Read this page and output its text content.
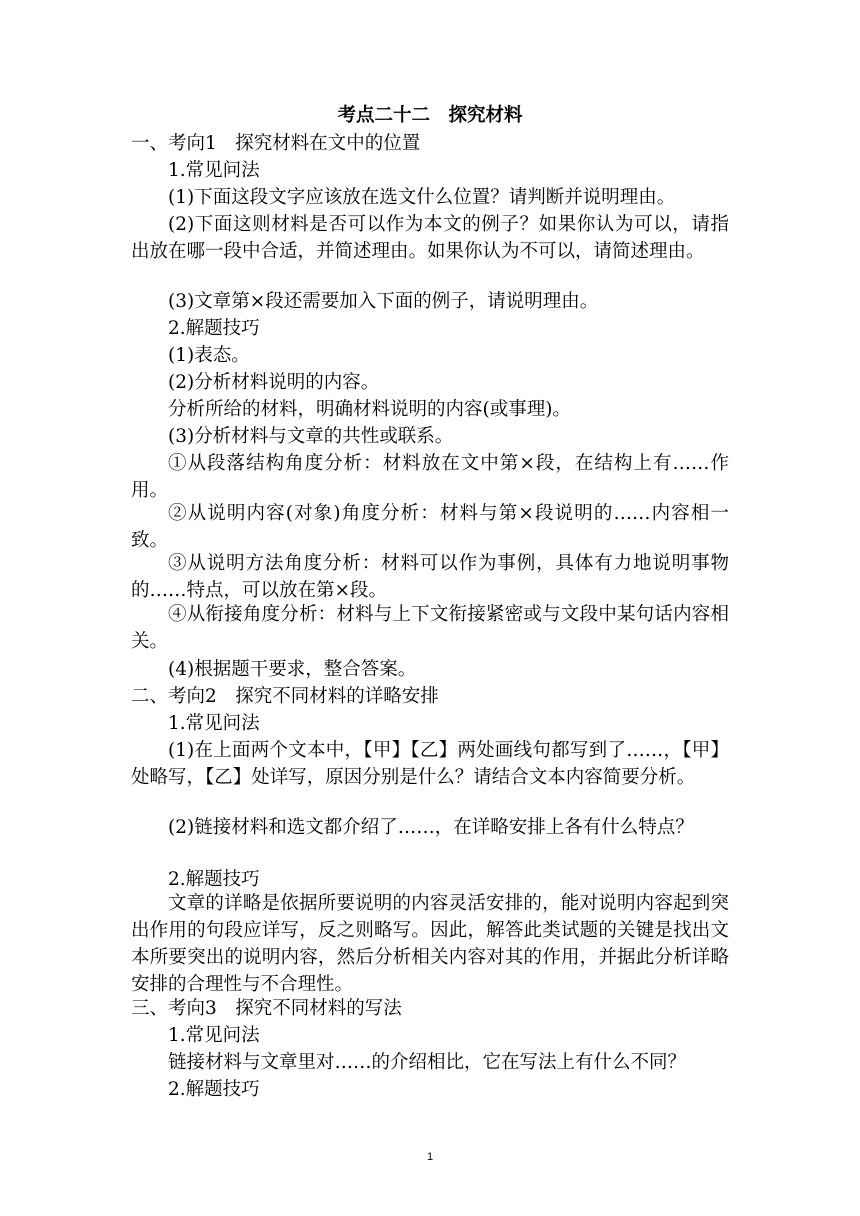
考点二十二　探究材料
一、考向1　探究材料在文中的位置
1.常见问法
(1)下面这段文字应该放在选文什么位置？请判断并说明理由。
(2)下面这则材料是否可以作为本文的例子？如果你认为可以，请指出放在哪一段中合适，并简述理由。如果你认为不可以，请简述理由。
(3)文章第×段还需要加入下面的例子，请说明理由。
2.解题技巧
(1)表态。
(2)分析材料说明的内容。
分析所给的材料，明确材料说明的内容(或事理)。
(3)分析材料与文章的共性或联系。
①从段落结构角度分析：材料放在文中第×段，在结构上有……作用。
②从说明内容(对象)角度分析：材料与第×段说明的……内容相一致。
③从说明方法角度分析：材料可以作为事例，具体有力地说明事物的……特点，可以放在第×段。
④从衔接角度分析：材料与上下文衔接紧密或与文段中某句话内容相关。
(4)根据题干要求，整合答案。
二、考向2　探究不同材料的详略安排
1.常见问法
(1)在上面两个文本中，【甲】【乙】两处画线句都写到了……，【甲】处略写，【乙】处详写，原因分别是什么？请结合文本内容简要分析。
(2)链接材料和选文都介绍了……，在详略安排上各有什么特点？
2.解题技巧
文章的详略是依据所要说明的内容灵活安排的，能对说明内容起到突出作用的句段应详写，反之则略写。因此，解答此类试题的关键是找出文本所要突出的说明内容，然后分析相关内容对其的作用，并据此分析详略安排的合理性与不合理性。
三、考向3　探究不同材料的写法
1.常见问法
链接材料与文章里对……的介绍相比，它在写法上有什么不同？
2.解题技巧
1
